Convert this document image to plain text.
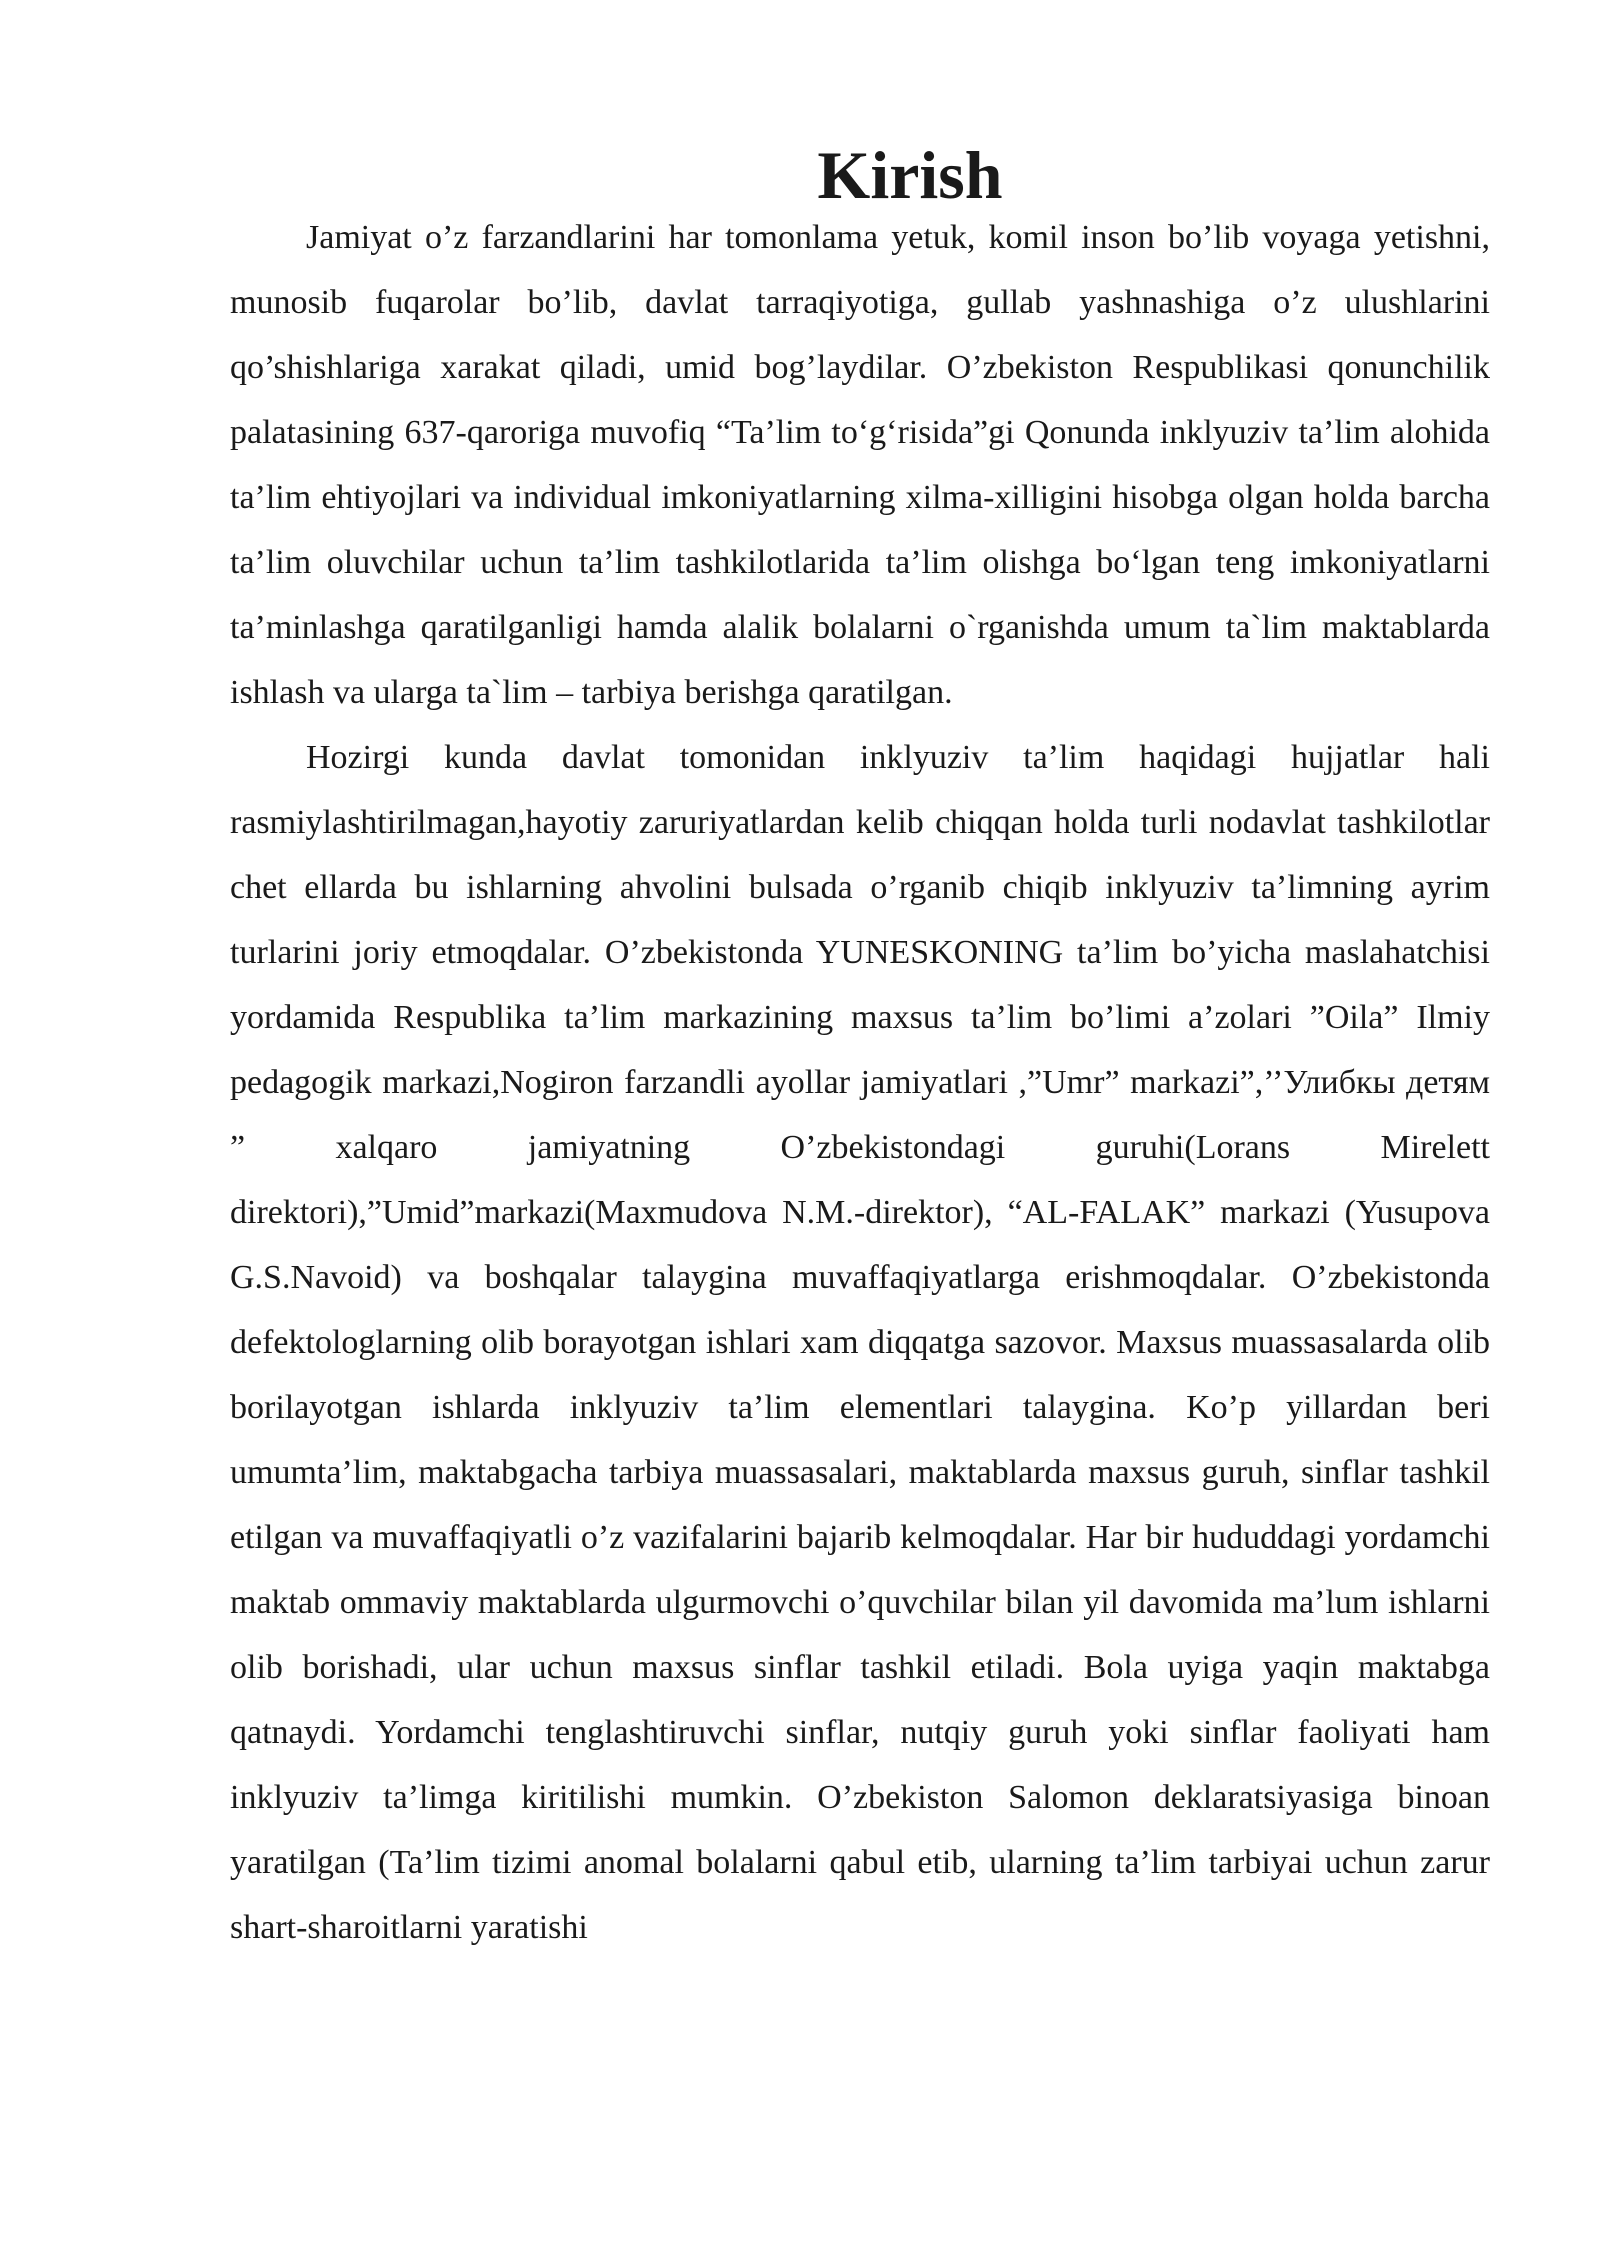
Kirish

Jamiyat o’z farzandlarini har tomonlama yetuk, komil inson bo’lib voyaga yetishni, munosib fuqarolar bo’lib, davlat tarraqiyotiga, gullab yashnashiga o’z ulushlarini qo’shishlariga xarakat qiladi, umid bog’laydilar. O’zbekiston Respublikasi qonunchilik palatasining 637-qaroriga muvofiq “Ta’lim to‘g‘risida”gi Qonunda inklyuziv ta’lim alohida ta’lim ehtiyojlari va individual imkoniyatlarning xilma-xilligini hisobga olgan holda barcha ta’lim oluvchilar uchun ta’lim tashkilotlarida ta’lim olishga bo‘lgan teng imkoniyatlarni ta’minlashga qaratilganligi hamda alalik bolalarni o`rganishda umum ta`lim maktablarda ishlash va ularga ta`lim – tarbiya berishga qaratilgan.

Hozirgi kunda davlat tomonidan inklyuziv ta’lim haqidagi hujjatlar hali rasmiylashtirilmagan,hayotiy zaruriyatlardan kelib chiqqan holda turli nodavlat tashkilotlar chet ellarda bu ishlarning ahvolini bulsada o’rganib chiqib inklyuziv ta’limning ayrim turlarini joriy etmoqdalar. O’zbekistonda YUNESKONING ta’lim bo’yicha maslahatchisi yordamida Respublika ta’lim markazining maxsus ta’lim bo’limi a’zolari ”Oila” Ilmiy pedagogik markazi,Nogiron farzandli ayollar jamiyatlari ,”Umr” markazi”,’’Улибкы детям ” xalqaro jamiyatning O’zbekistondagi guruhi(Lorans Mirelett direktori),”Umid”markazi(Maxmudova N.M.-direktor), “AL-FALAK” markazi (Yusupova G.S.Navoid) va boshqalar talaygina muvaffaqiyatlarga erishmoqdalar. O’zbekistonda defektologlarning olib borayotgan ishlari xam diqqatga sazovor. Maxsus muassasalarda olib borilayotgan ishlarda inklyuziv ta’lim elementlari talaygina. Ko’p yillardan beri umumta’lim, maktabgacha tarbiya muassasalari, maktablarda maxsus guruh, sinflar tashkil etilgan va muvaffaqiyatli o’z vazifalarini bajarib kelmoqdalar. Har bir hududdagi yordamchi maktab ommaviy maktablarda ulgurmovchi o’quvchilar bilan yil davomida ma’lum ishlarni olib borishadi, ular uchun maxsus sinflar tashkil etiladi. Bola uyiga yaqin maktabga qatnaydi. Yordamchi tenglashtiruvchi sinflar, nutqiy guruh yoki sinflar faoliyati ham inklyuziv ta’limga kiritilishi mumkin. O’zbekiston Salomon deklaratsiyasiga binoan yaratilgan (Ta’lim tizimi anomal bolalarni qabul etib, ularning ta’lim tarbiyai uchun zarur shart-sharoitlarni yaratishi
